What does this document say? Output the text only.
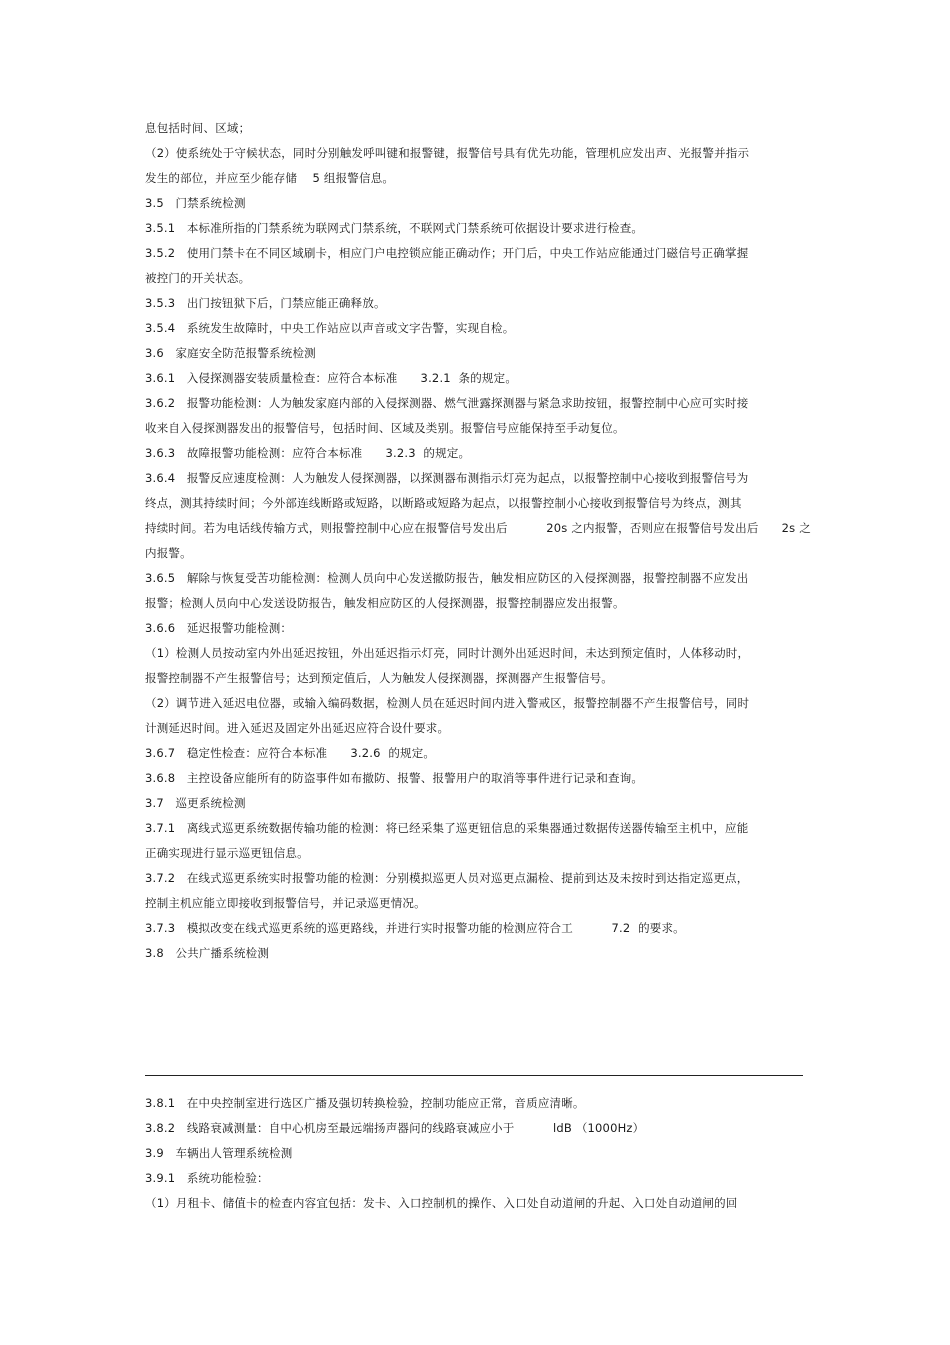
息包括时间、区域；
（2）使系统处于守候状态，同时分别触发呼叫键和报警键，报警信号具有优先功能，管理机应发出声、光报警并指示
发生的部位，并应至少能存储    5 组报警信息。
3.5   门禁系统检测
3.5.1   本标准所指的门禁系统为联网式门禁系统，不联网式门禁系统可依据设计要求进行检查。
3.5.2   使用门禁卡在不同区域刷卡，相应门户电控锁应能正确动作；开门后，中央工作站应能通过门磁信号正确掌握
被控门的开关状态。
3.5.3   出门按钮狱下后，门禁应能正确释放。
3.5.4   系统发生故障时，中央工作站应以声音或文字告警，实现自检。
3.6   家庭安全防范报警系统检测
3.6.1   入侵探测器安装质量检查：应符合本标准      3.2.1  条的规定。
3.6.2   报警功能检测：人为触发家庭内部的入侵探测器、燃气泄露探测器与紧急求助按钮，报警控制中心应可实时接
收来自入侵探测器发出的报警信号，包括时间、区域及类别。报警信号应能保持至手动复位。
3.6.3   故障报警功能检测：应符合本标准      3.2.3  的规定。
3.6.4   报警反应速度检测：人为触发人侵探测器，以探测器布测指示灯亮为起点，以报警控制中心接收到报警信号为
终点，测其持续时间；今外部连线断路或短路，以断路或短路为起点，以报警控制小心接收到报警信号为终点，测其
持续时间。若为电话线传输方式，则报警控制中心应在报警信号发出后          20s 之内报警，否则应在报警信号发出后      2s 之
内报警。
3.6.5   解除与恢复受苦功能检测：检测人员向中心发送撤防报告，触发相应防区的入侵探测器，报警控制器不应发出
报警；检测人员向中心发送设防报告，触发相应防区的人侵探测器，报警控制器应发出报警。
3.6.6   延迟报警功能检测：
（1）检测人员按动室内外出延迟按钮，外出延迟指示灯亮，同时计测外出延迟时间，未达到预定值时，人体移动时，
报警控制器不产生报警信号；达到预定值后，人为触发人侵探测器，探测器产生报警信号。
（2）调节进入延迟电位器，或输入编码数据，检测人员在延迟时间内进入警戒区，报警控制器不产生报警信号，同时
计测延迟时间。进入延迟及固定外出延迟应符合设什要求。
3.6.7   稳定性检查：应符合本标准      3.2.6  的规定。
3.6.8   主控设备应能所有的防盗事件如布撤防、报警、报警用户的取消等事件进行记录和查询。
3.7   巡更系统检测
3.7.1   离线式巡更系统数据传输功能的检测：将已经采集了巡更钮信息的采集器通过数据传送器传输至主机中，应能
正确实现进行显示巡更钮信息。
3.7.2   在线式巡更系统实时报警功能的检测：分别模拟巡更人员对巡更点漏检、提前到达及未按时到达指定巡更点，
控制主机应能立即接收到报警信号，并记录巡更情况。
3.7.3   模拟改变在线式巡更系统的巡更路线，并进行实时报警功能的检测应符合工          7.2  的要求。
3.8   公共广播系统检测
3.8.1   在中央控制室进行选区广播及强切转换检验，控制功能应正常，音质应清晰。
3.8.2   线路衰减测量：自中心机房至最远端扬声器问的线路衰减应小于          ldB （1000Hz）
3.9   车辆出人管理系统检测
3.9.1   系统功能检验：
（1）月租卡、储值卡的检查内容宜包括：发卡、入口控制机的操作、入口处自动道闸的升起、入口处自动道闸的回
